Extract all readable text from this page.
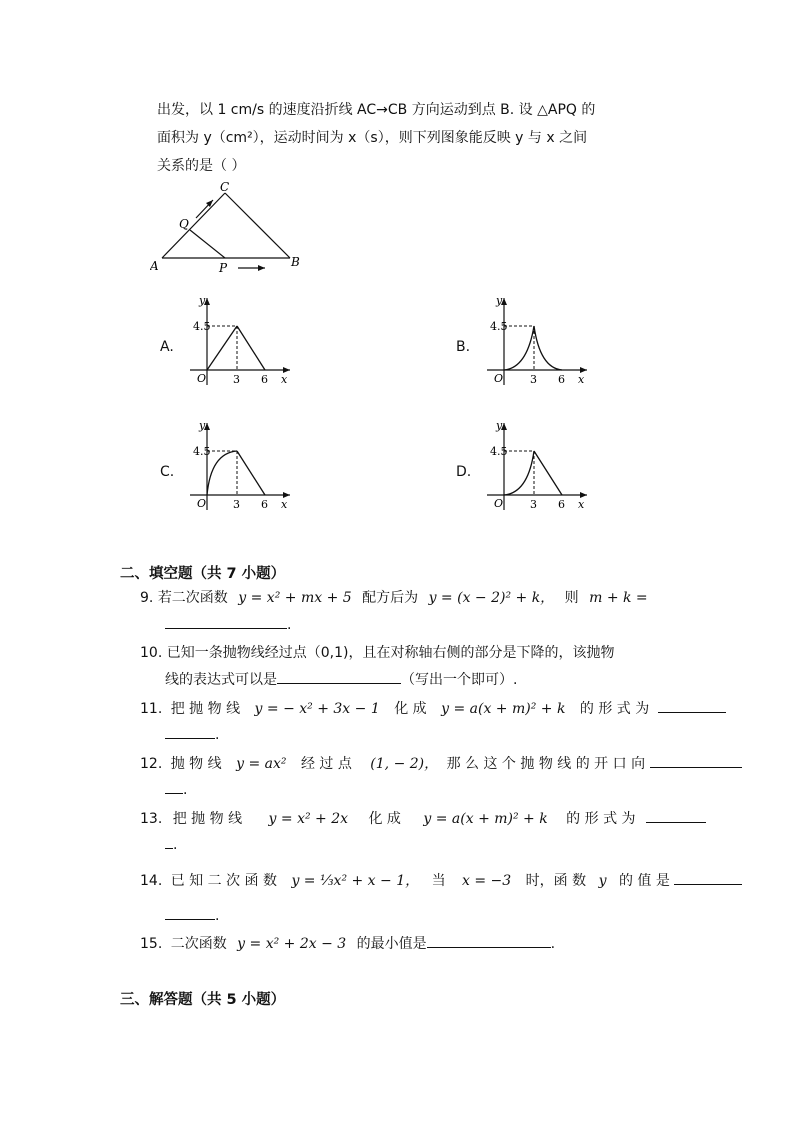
出发，以 1 cm/s 的速度沿折线 AC→CB 方向运动到点 B. 设 △APQ 的
面积为 y（cm²），运动时间为 x（s），则下列图象能反映 y 与 x 之间
关系的是（ ）
A	B
C
P
Q
A.
4.5
3 6
O	x
y
B.
4.5
3 6
O	x
y
C.
4.5
3 6
O	x
y
D.
4.5
3 6
O	x
y
二、填空题（共 7 小题）
9. 若二次函数 y = x² + mx + 5 配方后为 y = (x − 2)² + k， 则 m + k =
.
10. 已知一条抛物线经过点（0,1)，且在对称轴右侧的部分是下降的，该抛物
线的表达式可以是	（写出一个即可）.
11. 把 抛 物 线 y = − x² + 3x − 1 化 成 y = a(x + m)² + k 的 形 式 为
.
12. 抛 物 线 y = ax² 经 过 点 (1, − 2)， 那 么 这 个 抛 物 线 的 开 口 向
.
13. 把 抛 物 线 y = x² + 2x 化 成 y = a(x + m)² + k 的 形 式 为
.
14. 已 知 二 次 函 数 y = ⅓x² + x − 1， 当 x = −3 时，函 数 y 的 值 是
.
15. 二次函数 y = x² + 2x − 3 的最小值是	.
三、解答题（共 5 小题）
